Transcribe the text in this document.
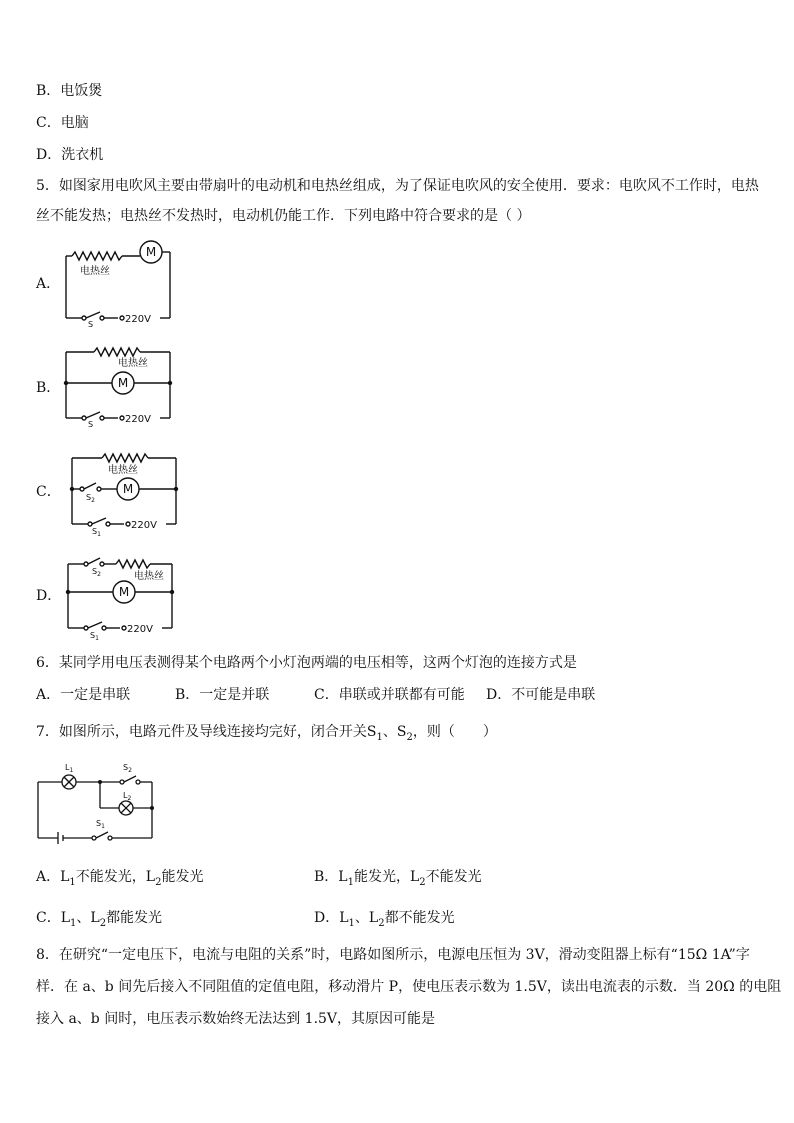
B．电饭煲
C．电脑
D．洗衣机
5．如图家用电吹风主要由带扇叶的电动机和电热丝组成，为了保证电吹风的安全使用．要求：电吹风不工作时，电热
丝不能发热；电热丝不发热时，电动机仍能工作．下列电路中符合要求的是（ ）
A．
B．
C．
D．
M
电热丝
S	220V
M
电热丝
S	220V
M
电热丝
$S_2$
$S_1$
220V
M
电热丝
$S_2$
$S_1$
220V
6．某同学用电压表测得某个电路两个小灯泡两端的电压相等，这两个灯泡的连接方式是
A．一定是串联	B．一定是并联	C．串联或并联都有可能 D．不可能是串联
7．如图所示，电路元件及导线连接均完好，闭合开关$S_1$、$S_2$，则（　　）
$L_1$
$L_2$
$S_2$
$S_1$
A．$L_1$不能发光，$L_2$能发光	B．$L_1$能发光，$L_2$不能发光
C．$L_1$、$L_2$都能发光	D．$L_1$、$L_2$都不能发光
8．在研究“一定电压下，电流与电阻的关系”时，电路如图所示，电源电压恒为 3V，滑动变阻器上标有“15Ω 1A”字
样．在 a、b 间先后接入不同阻值的定值电阻，移动滑片 P，使电压表示数为 1.5V，读出电流表的示数．当 20Ω 的电阻
接入 a、b 间时，电压表示数始终无法达到 1.5V，其原因可能是
